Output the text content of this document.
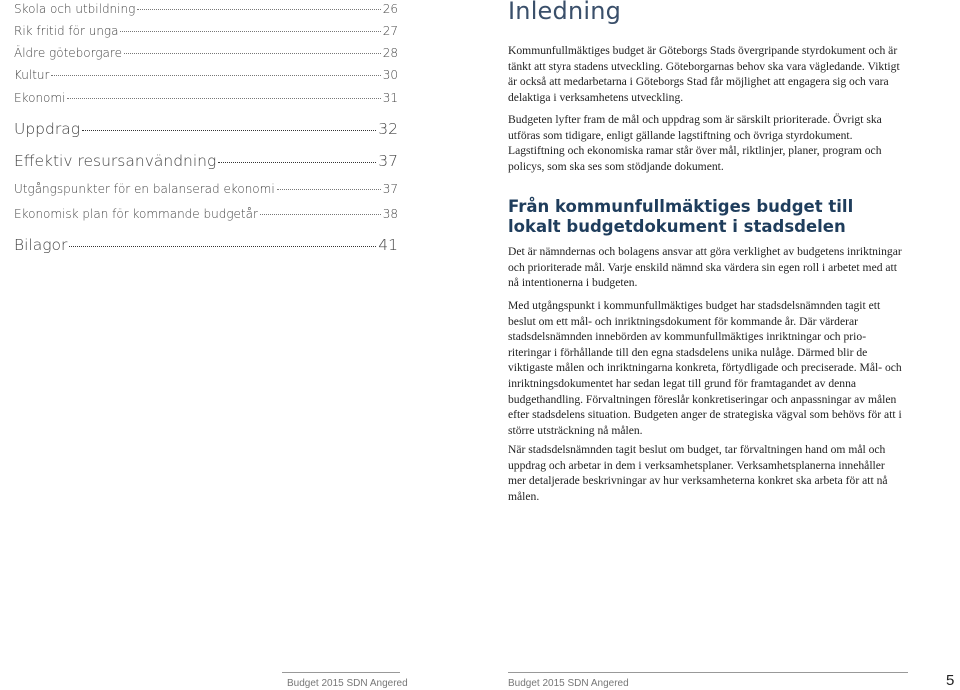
Skola och utbildning	26
Rik fritid för unga	27
Äldre göteborgare	28
Kultur	30
Ekonomi	31
Uppdrag	32
Effektiv resursanvändning	37
Utgångspunkter för en balanserad ekonomi	37
Ekonomisk plan för kommande budgetår	38
Bilagor	41
Inledning

Kommunfullmäktiges budget är Göteborgs Stads övergripande styrdokument och är tänkt att styra stadens utveckling. Göteborgarnas behov ska vara vägledande. Viktigt är också att medarbetarna i Göteborgs Stad får möjlighet att engagera sig och vara delaktiga i verksamhetens utveckling.

Budgeten lyfter fram de mål och uppdrag som är särskilt prioriterade. Övrigt ska utföras som tidigare, enligt gällande lagstiftning och övriga styrdokument. Lagstiftning och ekonomiska ramar står över mål, riktlinjer, planer, program och policys, som ska ses som stödjande dokument.

Från kommunfullmäktiges budget till lokalt budgetdokument i stadsdelen

Det är nämndernas och bolagens ansvar att göra verklighet av budgetens inriktningar och prioriterade mål. Varje enskild nämnd ska värdera sin egen roll i arbetet med att nå intentionerna i budgeten.

Med utgångspunkt i kommunfullmäktiges budget har stadsdelsnämnden tagit ett beslut om ett mål- och inriktningsdokument för kommande år. Där värderar stadsdelsnämnden innebörden av kommunfullmäktiges inriktningar och prioriteringar i förhållande till den egna stadsdelens unika nulåge. Därmed blir de viktigaste målen och inriktningarna konkreta, förtydligade och preciserade. Mål- och inriktningsdokumentet har sedan legat till grund för framtagandet av denna budgethandling. Förvaltningen föreslår konkretiseringar och anpassningar av målen efter stadsdelens situation. Budgeten anger de strategiska vägval som behövs för att i större utsträckning nå målen.

När stadsdelsnämnden tagit beslut om budget, tar förvaltningen hand om mål och uppdrag och arbetar in dem i verksamhetsplaner. Verksamhetsplanerna innehåller mer detaljerade beskrivningar av hur verksamheterna konkret ska arbeta för att nå målen.

Budget 2015 SDN Angered	Budget 2015 SDN Angered	5
